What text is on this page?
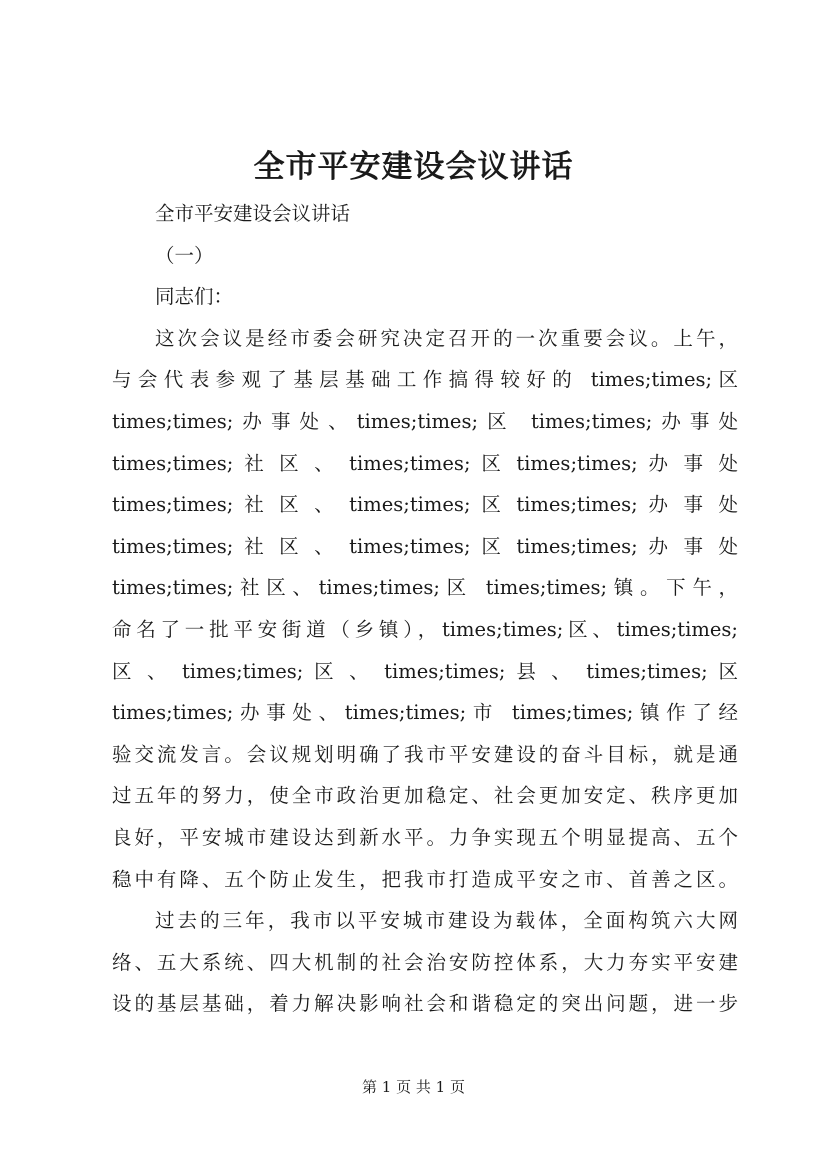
全市平安建设会议讲话
全市平安建设会议讲话
（一）
同志们：
这次会议是经市委会研究决定召开的一次重要会议。上午，
与会代表参观了基层基础工作搞得较好的 times;times;区
times;times;办事处、times;times;区 times;times;办事处
times;times; 社 区 、 times;times; 区 times;times; 办 事 处
times;times; 社 区 、 times;times; 区 times;times; 办 事 处
times;times; 社 区 、 times;times; 区 times;times; 办 事 处
times;times;社区、times;times;区 times;times;镇。下午，
命名了一批平安街道（乡镇），times;times;区、times;times;
区 、 times;times; 区 、 times;times; 县 、 times;times; 区
times;times;办事处、times;times;市 times;times;镇作了经
验交流发言。会议规划明确了我市平安建设的奋斗目标，就是通
过五年的努力，使全市政治更加稳定、社会更加安定、秩序更加
良好，平安城市建设达到新水平。力争实现五个明显提高、五个
稳中有降、五个防止发生，把我市打造成平安之市、首善之区。
过去的三年，我市以平安城市建设为载体，全面构筑六大网
络、五大系统、四大机制的社会治安防控体系，大力夯实平安建
设的基层基础，着力解决影响社会和谐稳定的突出问题，进一步
第 1 页 共 1 页
